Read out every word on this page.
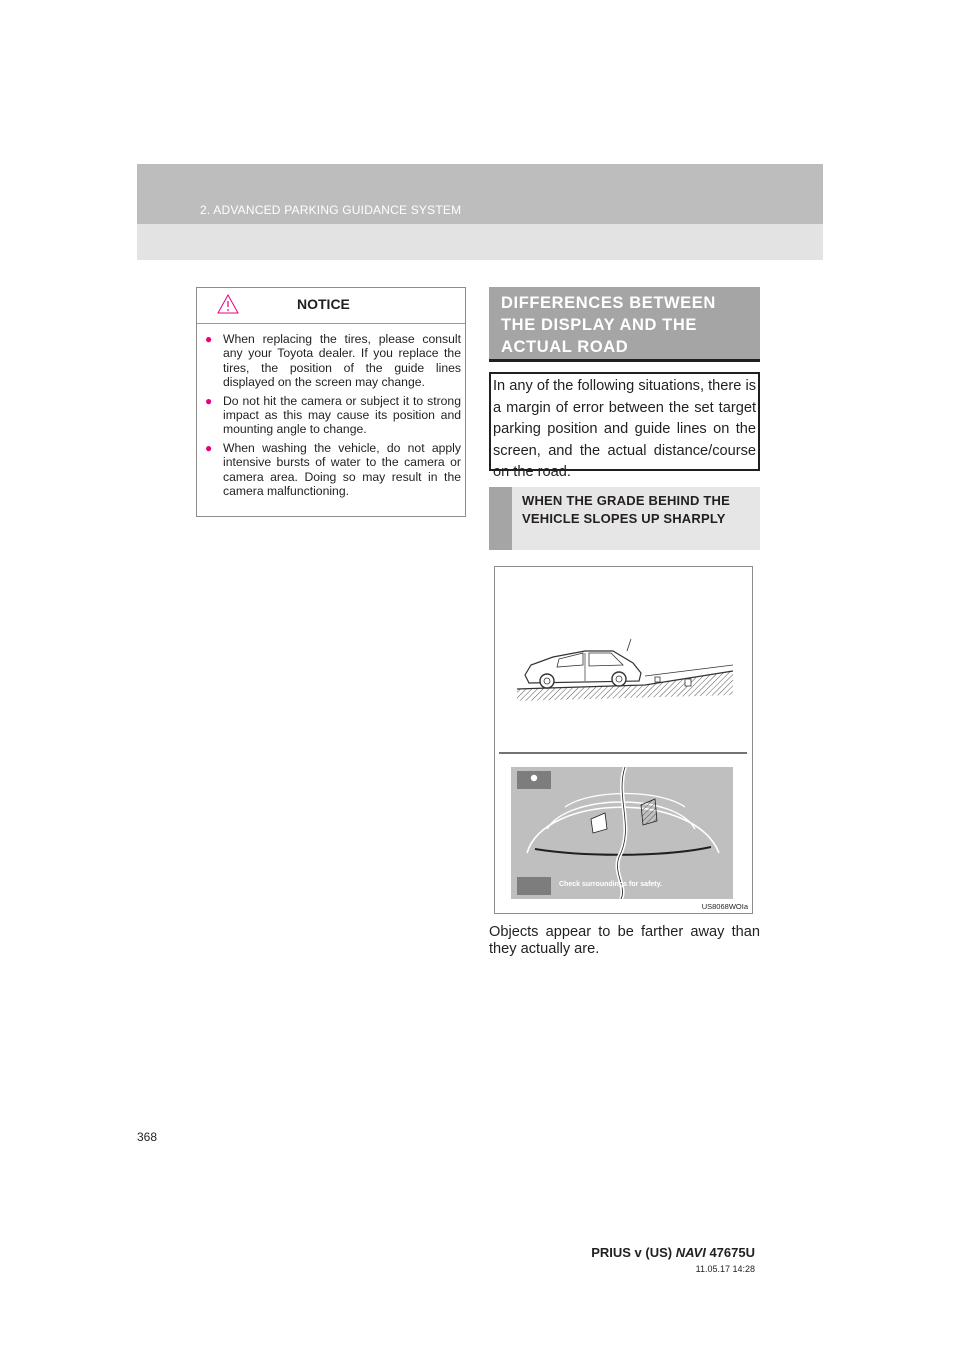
2. ADVANCED PARKING GUIDANCE SYSTEM
NOTICE
● When replacing the tires, please consult any your Toyota dealer. If you replace the tires, the position of the guide lines displayed on the screen may change.
● Do not hit the camera or subject it to strong impact as this may cause its position and mounting angle to change.
● When washing the vehicle, do not apply intensive bursts of water to the camera or camera area. Doing so may result in the camera malfunctioning.
DIFFERENCES BETWEEN THE DISPLAY AND THE ACTUAL ROAD
In any of the following situations, there is a margin of error between the set target parking position and guide lines on the screen, and the actual distance/course on the road.
WHEN THE GRADE BEHIND THE VEHICLE SLOPES UP SHARPLY
Check surroundings for safety.
US8068WOIa
Objects appear to be farther away than they actually are.
368
PRIUS v (US) NAVI 47675U
11.05.17 14:28
